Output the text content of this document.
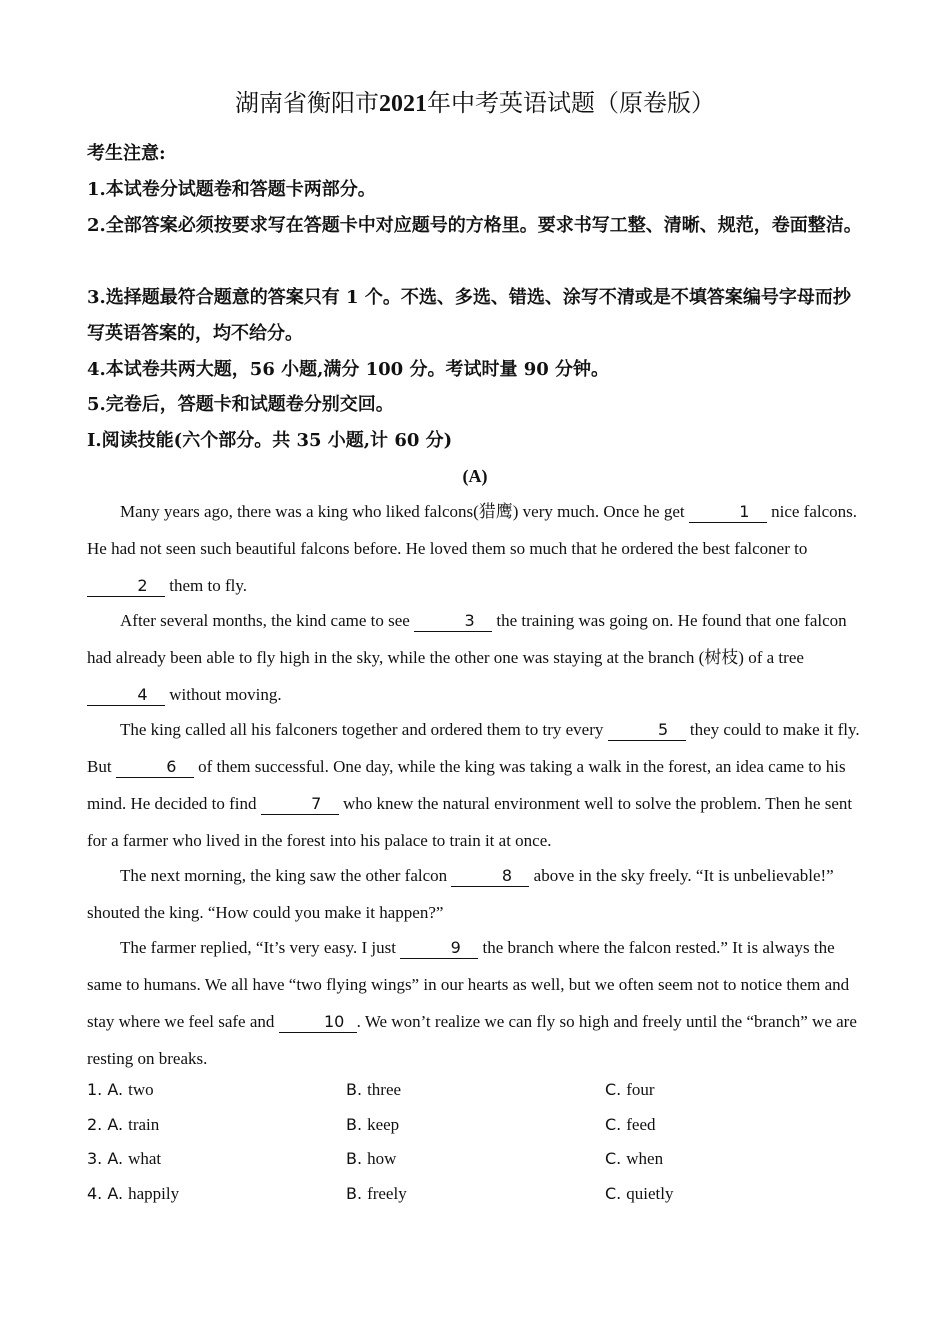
湖南省衡阳市2021年中考英语试题（原卷版）
考生注意:
1.本试卷分试题卷和答题卡两部分。
2.全部答案必须按要求写在答题卡中对应题号的方格里。要求书写工整、清晰、规范，卷面整洁。
3.选择题最符合题意的答案只有 1 个。不选、多选、错选、涂写不清或是不填答案编号字母而抄写英语答案的，均不给分。
4.本试卷共两大题，56 小题,满分 100 分。考试时量 90 分钟。
5.完卷后，答题卡和试题卷分别交回。
I.阅读技能(六个部分。共 35 小题,计 60 分)
(A)
Many years ago, there was a king who liked falcons(猎鹰) very much. Once he get	1 nice falcons. He had not seen such beautiful falcons before. He loved them so much that he ordered the best falconer to 2 them to fly.
After several months, the kind came to see	3 the training was going on. He found that one falcon had already been able to fly high in the sky, while the other one was staying at the branch (树枝) of a tree 4 without moving.
The king called all his falconers together and ordered them to try every	5 they could to make it fly. But	6 of them successful. One day, while the king was taking a walk in the forest, an idea came to his mind. He decided to find	7 who knew the natural environment well to solve the problem. Then he sent for a farmer who lived in the forest into his palace to train it at once.
The next morning, the king saw the other falcon	8 above in the sky freely. “It is unbelievable!” shouted the king. “How could you make it happen?”
The farmer replied, “It’s very easy. I just	9 the branch where the falcon rested.” It is always the same to humans. We all have “two flying wings” in our hearts as well, but we often seem not to notice them and stay where we feel safe and	10 . We won’t realize we can fly so high and freely until the “branch” we are resting on breaks.
1. A. two	B. three	C. four
2. A. train	B. keep	C. feed
3. A. what	B. how	C. when
4. A. happily	B. freely	C. quietly
